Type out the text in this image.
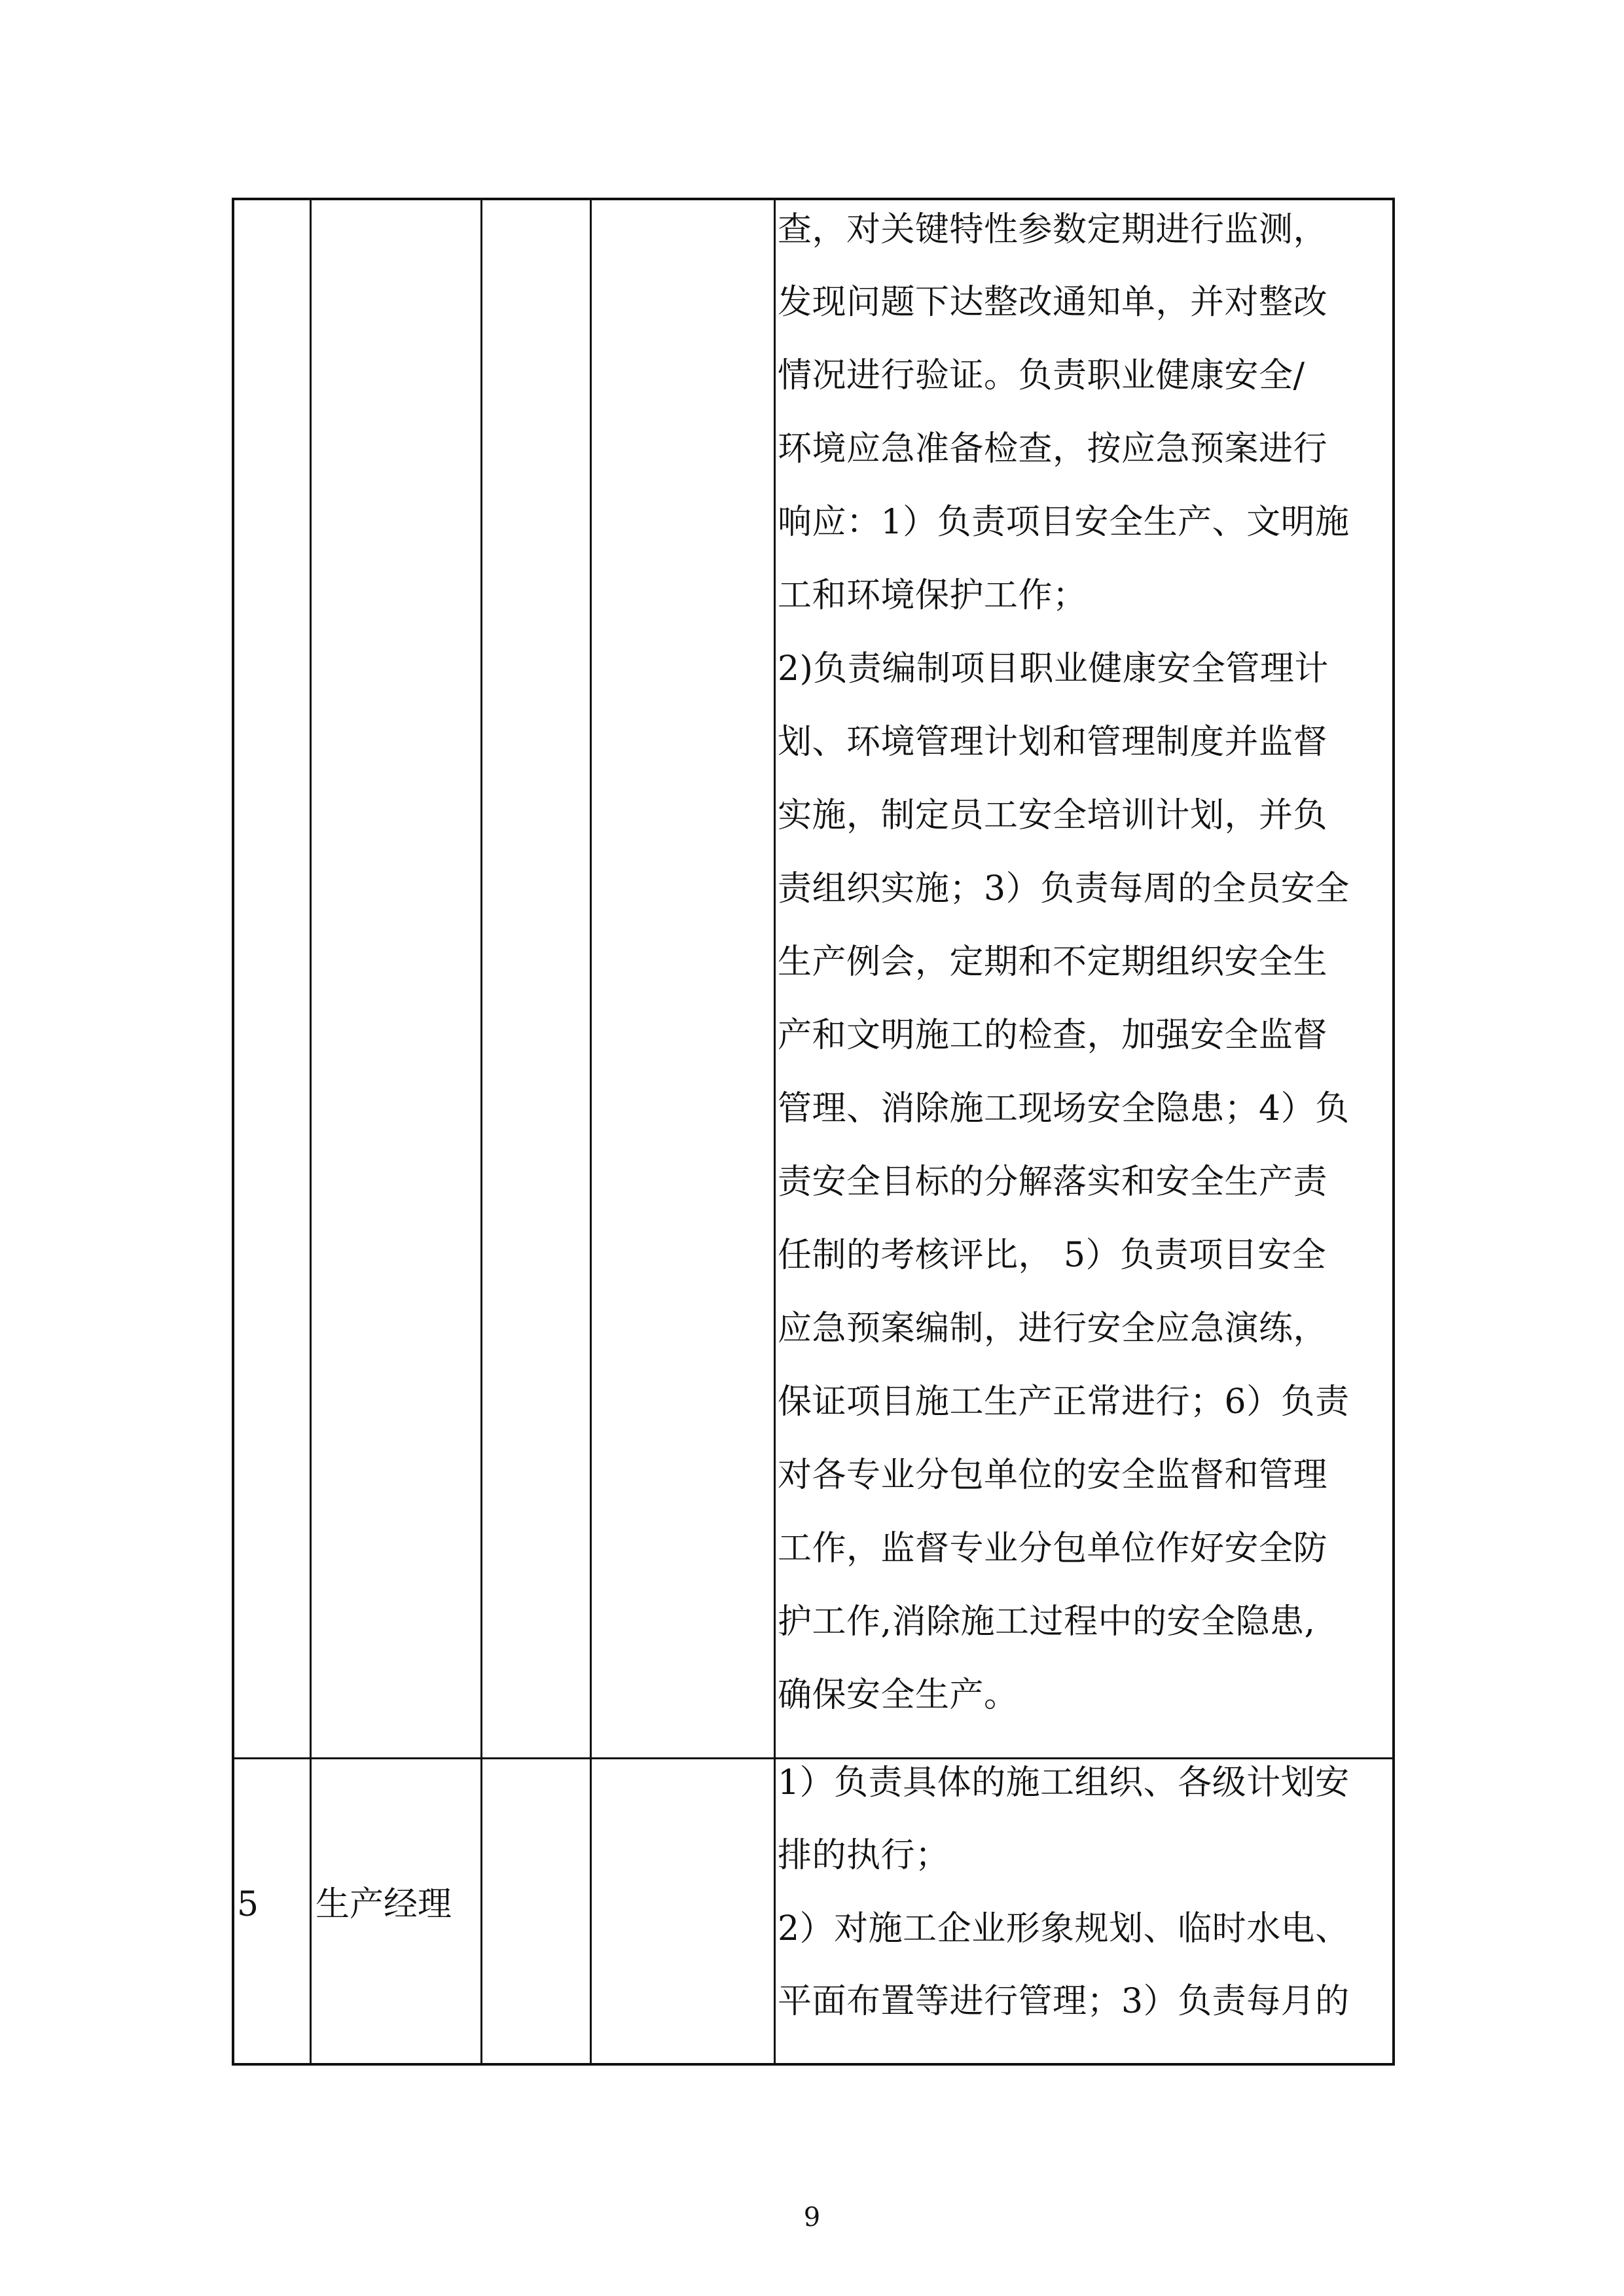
查，对关键特性参数定期进行监测，
发现问题下达整改通知单，并对整改
情况进行验证。负责职业健康安全/
环境应急准备检查，按应急预案进行
响应：1）负责项目安全生产、文明施
工和环境保护工作；
2)负责编制项目职业健康安全管理计
划、环境管理计划和管理制度并监督
实施，制定员工安全培训计划，并负
责组织实施；3）负责每周的全员安全
生产例会，定期和不定期组织安全生
产和文明施工的检查，加强安全监督
管理、消除施工现场安全隐患；4）负
责安全目标的分解落实和安全生产责
任制的考核评比， 5）负责项目安全
应急预案编制，进行安全应急演练，
保证项目施工生产正常进行；6）负责
对各专业分包单位的安全监督和管理
工作，监督专业分包单位作好安全防
护工作,消除施工过程中的安全隐患,
确保安全生产。
5 生产经理
1）负责具体的施工组织、各级计划安
排的执行；
2）对施工企业形象规划、临时水电、
平面布置等进行管理；3）负责每月的
9
